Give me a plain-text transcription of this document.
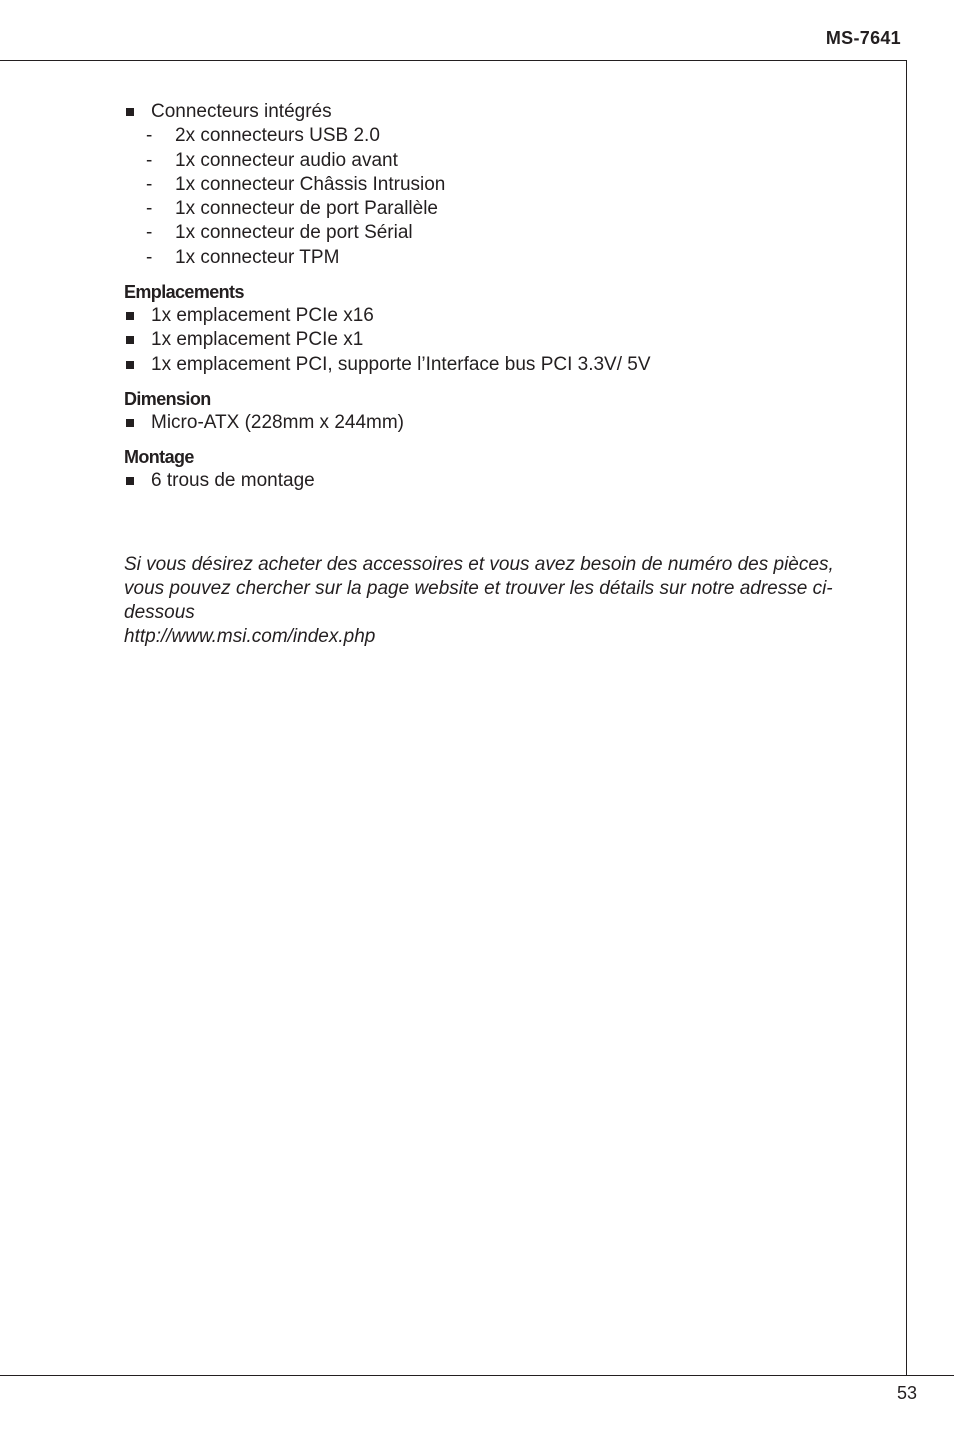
MS-7641
Connecteurs intégrés
- 2x connecteurs USB 2.0
- 1x connecteur audio avant
- 1x connecteur Châssis Intrusion
- 1x connecteur de port Parallèle
- 1x connecteur de port Sérial
- 1x connecteur TPM
Emplacements
1x emplacement PCIe x16
1x emplacement PCIe x1
1x emplacement PCI, supporte l’Interface bus PCI 3.3V/ 5V
Dimension
Micro-ATX (228mm x 244mm)
Montage
6 trous de montage

Si vous désirez acheter des accessoires et vous avez besoin de numéro des pièces, vous pouvez chercher sur la page website et trouver les détails sur notre adresse ci-dessous

http://www.msi.com/index.php

53
